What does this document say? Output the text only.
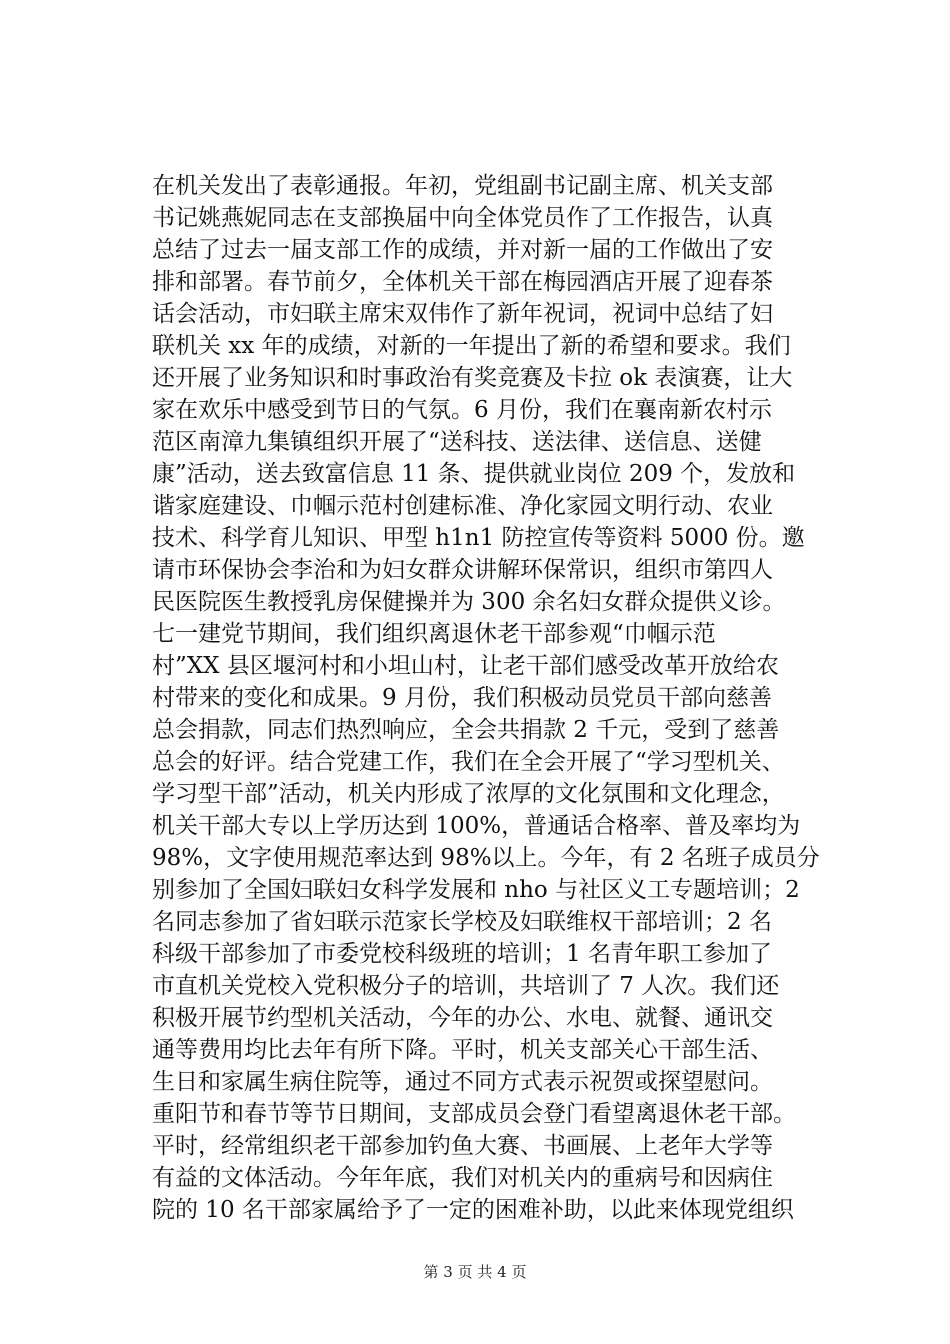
在机关发出了表彰通报。年初，党组副书记副主席、机关支部
书记姚燕妮同志在支部换届中向全体党员作了工作报告，认真
总结了过去一届支部工作的成绩，并对新一届的工作做出了安
排和部署。春节前夕，全体机关干部在梅园酒店开展了迎春茶
话会活动，市妇联主席宋双伟作了新年祝词，祝词中总结了妇
联机关 xx 年的成绩，对新的一年提出了新的希望和要求。我们
还开展了业务知识和时事政治有奖竞赛及卡拉 ok 表演赛，让大
家在欢乐中感受到节日的气氛。6 月份，我们在襄南新农村示
范区南漳九集镇组织开展了“送科技、送法律、送信息、送健
康”活动，送去致富信息 11 条、提供就业岗位 209 个，发放和
谐家庭建设、巾帼示范村创建标准、净化家园文明行动、农业
技术、科学育儿知识、甲型 h1n1 防控宣传等资料 5000 份。邀
请市环保协会李治和为妇女群众讲解环保常识，组织市第四人
民医院医生教授乳房保健操并为 300 余名妇女群众提供义诊。
七一建党节期间，我们组织离退休老干部参观“巾帼示范
村”XX 县区堰河村和小坦山村，让老干部们感受改革开放给农
村带来的变化和成果。9 月份，我们积极动员党员干部向慈善
总会捐款，同志们热烈响应，全会共捐款 2 千元，受到了慈善
总会的好评。结合党建工作，我们在全会开展了“学习型机关、
学习型干部”活动，机关内形成了浓厚的文化氛围和文化理念，
机关干部大专以上学历达到 100%，普通话合格率、普及率均为
98%，文字使用规范率达到 98%以上。今年，有 2 名班子成员分
别参加了全国妇联妇女科学发展和 nho 与社区义工专题培训；2
名同志参加了省妇联示范家长学校及妇联维权干部培训；2 名
科级干部参加了市委党校科级班的培训；1 名青年职工参加了
市直机关党校入党积极分子的培训，共培训了 7 人次。我们还
积极开展节约型机关活动，今年的办公、水电、就餐、通讯交
通等费用均比去年有所下降。平时，机关支部关心干部生活、
生日和家属生病住院等，通过不同方式表示祝贺或探望慰问。
重阳节和春节等节日期间，支部成员会登门看望离退休老干部。
平时，经常组织老干部参加钓鱼大赛、书画展、上老年大学等
有益的文体活动。今年年底，我们对机关内的重病号和因病住
院的 10 名干部家属给予了一定的困难补助，以此来体现党组织
第 3 页 共 4 页
